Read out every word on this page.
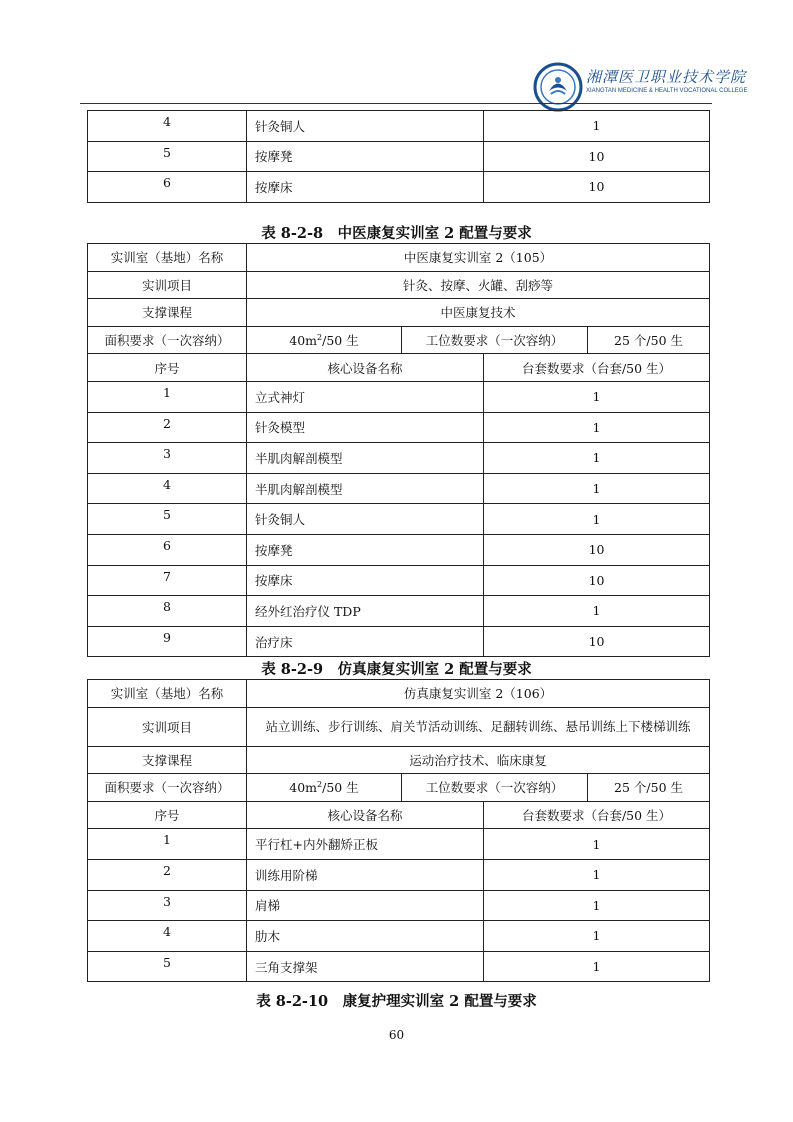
湘潭医卫职业技术学院
XIANGTAN MEDICINE & HEALTH VOCATIONAL COLLEGE
4	针灸铜人	1
5	按摩凳	10
6	按摩床	10
表 8-2-8　中医康复实训室 2 配置与要求
实训室（基地）名称	中医康复实训室 2（105）			
实训项目	针灸、按摩、火罐、刮痧等			
支撑课程	中医康复技术			
面积要求（一次容纳）	$40m^2/50$ 生	工位数要求（一次容纳）		25 个/50 生
序号	核心设备名称		台套数要求（台套/50 生）	
1	立式神灯		1	
2	针灸模型		1	
3	半肌肉解剖模型		1	
4	半肌肉解剖模型		1	
5	针灸铜人		1	
6	按摩凳		10	
7	按摩床		10	
8	经外红治疗仪 TDP		1	
9	治疗床		10	
表 8-2-9　仿真康复实训室 2 配置与要求
实训室（基地）名称	仿真康复实训室 2（106）			
实训项目	站立训练、步行训练、肩关节活动训练、足翻转训练、悬吊训练上下楼梯训练			
支撑课程	运动治疗技术、临床康复			
面积要求（一次容纳）	$40m^2/50$ 生	工位数要求（一次容纳）		25 个/50 生
序号	核心设备名称		台套数要求（台套/50 生）	
1	平行杠+内外翻矫正板		1	
2	训练用阶梯		1	
3	肩梯		1	
4	肋木		1	
5	三角支撑架		1	
表 8-2-10　康复护理实训室 2 配置与要求
60
